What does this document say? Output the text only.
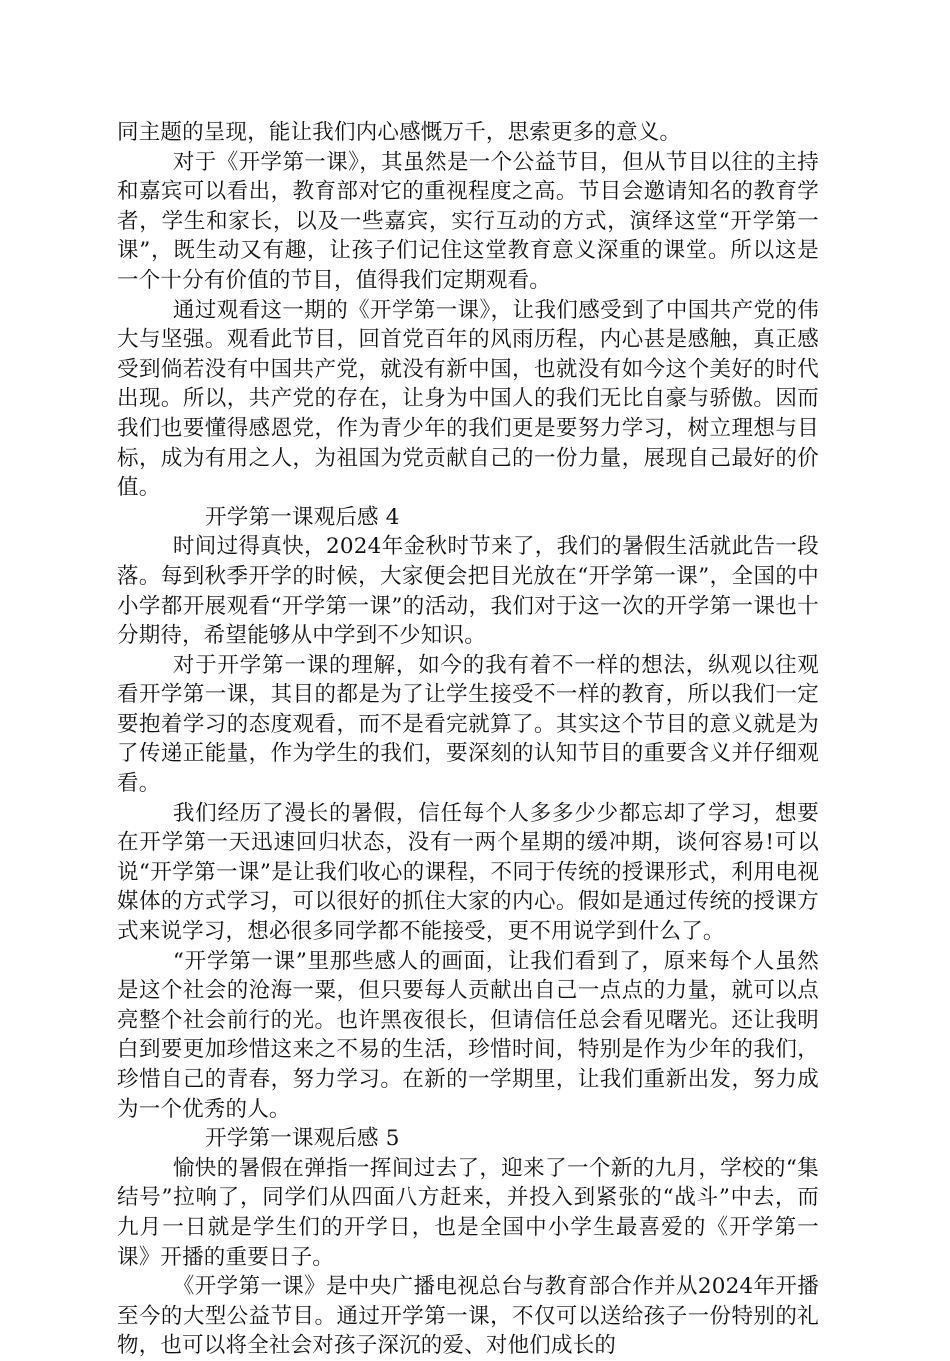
同主题的呈现，能让我们内心感慨万千，思索更多的意义。

对于《开学第一课》，其虽然是一个公益节目，但从节目以往的主持和嘉宾可以看出，教育部对它的重视程度之高。节目会邀请知名的教育学者，学生和家长，以及一些嘉宾，实行互动的方式，演绎这堂“开学第一课”，既生动又有趣，让孩子们记住这堂教育意义深重的课堂。所以这是一个十分有价值的节目，值得我们定期观看。

通过观看这一期的《开学第一课》，让我们感受到了中国共产党的伟大与坚强。观看此节目，回首党百年的风雨历程，内心甚是感触，真正感受到倘若没有中国共产党，就没有新中国，也就没有如今这个美好的时代出现。所以，共产党的存在，让身为中国人的我们无比自豪与骄傲。因而我们也要懂得感恩党，作为青少年的我们更是要努力学习，树立理想与目标，成为有用之人，为祖国为党贡献自己的一份力量，展现自己最好的价值。

开学第一课观后感 4

时间过得真快，2024年金秋时节来了，我们的暑假生活就此告一段落。每到秋季开学的时候，大家便会把目光放在“开学第一课”，全国的中小学都开展观看“开学第一课”的活动，我们对于这一次的开学第一课也十分期待，希望能够从中学到不少知识。

对于开学第一课的理解，如今的我有着不一样的想法，纵观以往观看开学第一课，其目的都是为了让学生接受不一样的教育，所以我们一定要抱着学习的态度观看，而不是看完就算了。其实这个节目的意义就是为了传递正能量，作为学生的我们，要深刻的认知节目的重要含义并仔细观看。

我们经历了漫长的暑假，信任每个人多多少少都忘却了学习，想要在开学第一天迅速回归状态，没有一两个星期的缓冲期，谈何容易!可以说“开学第一课”是让我们收心的课程，不同于传统的授课形式，利用电视媒体的方式学习，可以很好的抓住大家的内心。假如是通过传统的授课方式来说学习，想必很多同学都不能接受，更不用说学到什么了。

“开学第一课”里那些感人的画面，让我们看到了，原来每个人虽然是这个社会的沧海一粟，但只要每人贡献出自己一点点的力量，就可以点亮整个社会前行的光。也许黑夜很长，但请信任总会看见曙光。还让我明白到要更加珍惜这来之不易的生活，珍惜时间，特别是作为少年的我们，珍惜自己的青春，努力学习。在新的一学期里，让我们重新出发，努力成为一个优秀的人。

开学第一课观后感 5

愉快的暑假在弹指一挥间过去了，迎来了一个新的九月，学校的“集结号”拉响了，同学们从四面八方赶来，并投入到紧张的“战斗”中去，而九月一日就是学生们的开学日，也是全国中小学生最喜爱的《开学第一课》开播的重要日子。

《开学第一课》是中央广播电视总台与教育部合作并从2024年开播至今的大型公益节目。通过开学第一课，不仅可以送给孩子一份特别的礼物，也可以将全社会对孩子深沉的爱、对他们成长的
